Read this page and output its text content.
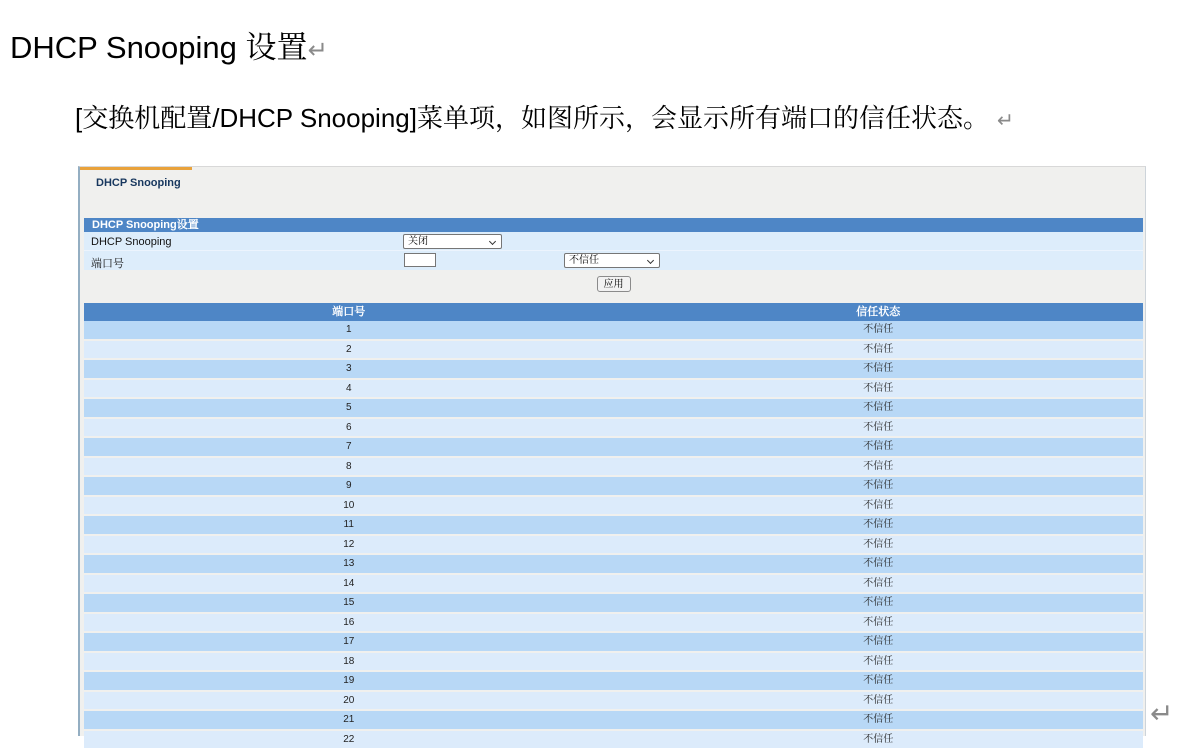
DHCP Snooping 设置↵
[交换机配置/DHCP Snooping]菜单项，如图所示，会显示所有端口的信任状态。 ↵
DHCP Snooping
DHCP Snooping设置
DHCP Snooping	关闭
端口号	不信任
应用
端口号	信任状态
1	不信任
2	不信任
3	不信任
4	不信任
5	不信任
6	不信任
7	不信任
8	不信任
9	不信任
10	不信任
11	不信任
12	不信任
13	不信任
14	不信任
15	不信任
16	不信任
17	不信任
18	不信任
19	不信任
20	不信任
21	不信任
22	不信任
↵
